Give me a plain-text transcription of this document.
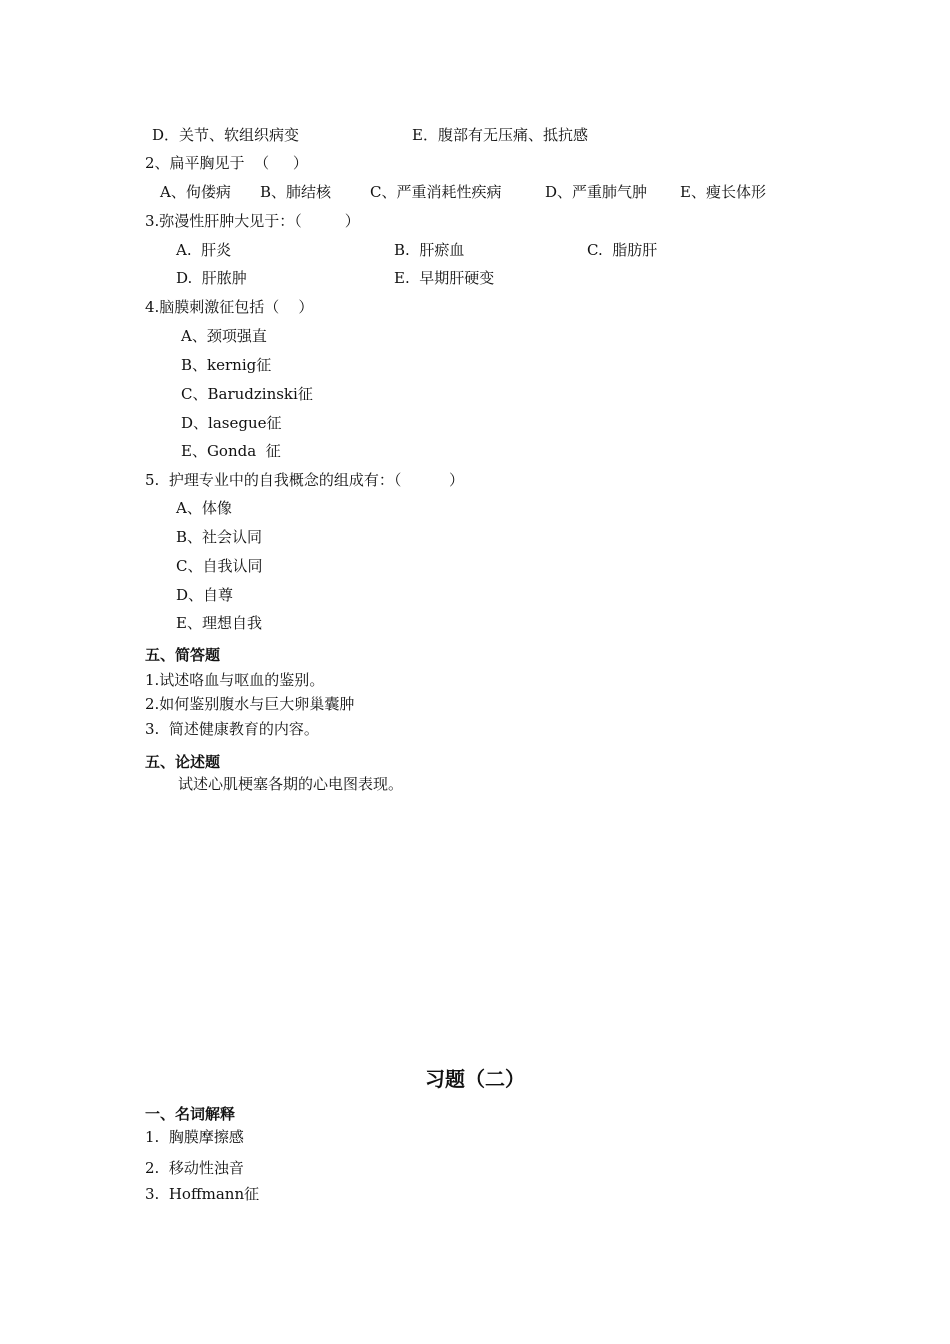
D．关节、软组织病变	E．腹部有无压痛、抵抗感
2、扁平胸见于  （     ）
A、佝偻病 B、肺结核	C、严重消耗性疾病	D、严重肺气肿 E、瘦长体形
3.弥漫性肝肿大见于：（         ）
A.  肝炎	B.  肝瘀血	C.  脂肪肝
D.  肝脓肿	E.  早期肝硬变
4.脑膜刺激征包括（    ）
A、颈项强直
B、kernig征
C、Barudzinski征
D、lasegue征
E、Gonda  征
5.  护理专业中的自我概念的组成有：（          ）
A、体像
B、社会认同
C、自我认同
D、自尊
E、理想自我
五、简答题
1.试述咯血与呕血的鉴别。
2.如何鉴别腹水与巨大卵巢囊肿
3.  简述健康教育的内容。
五、论述题
试述心肌梗塞各期的心电图表现。
习题（二）
一、名词解释
1.  胸膜摩擦感
2.  移动性浊音
3.  Hoffmann征
